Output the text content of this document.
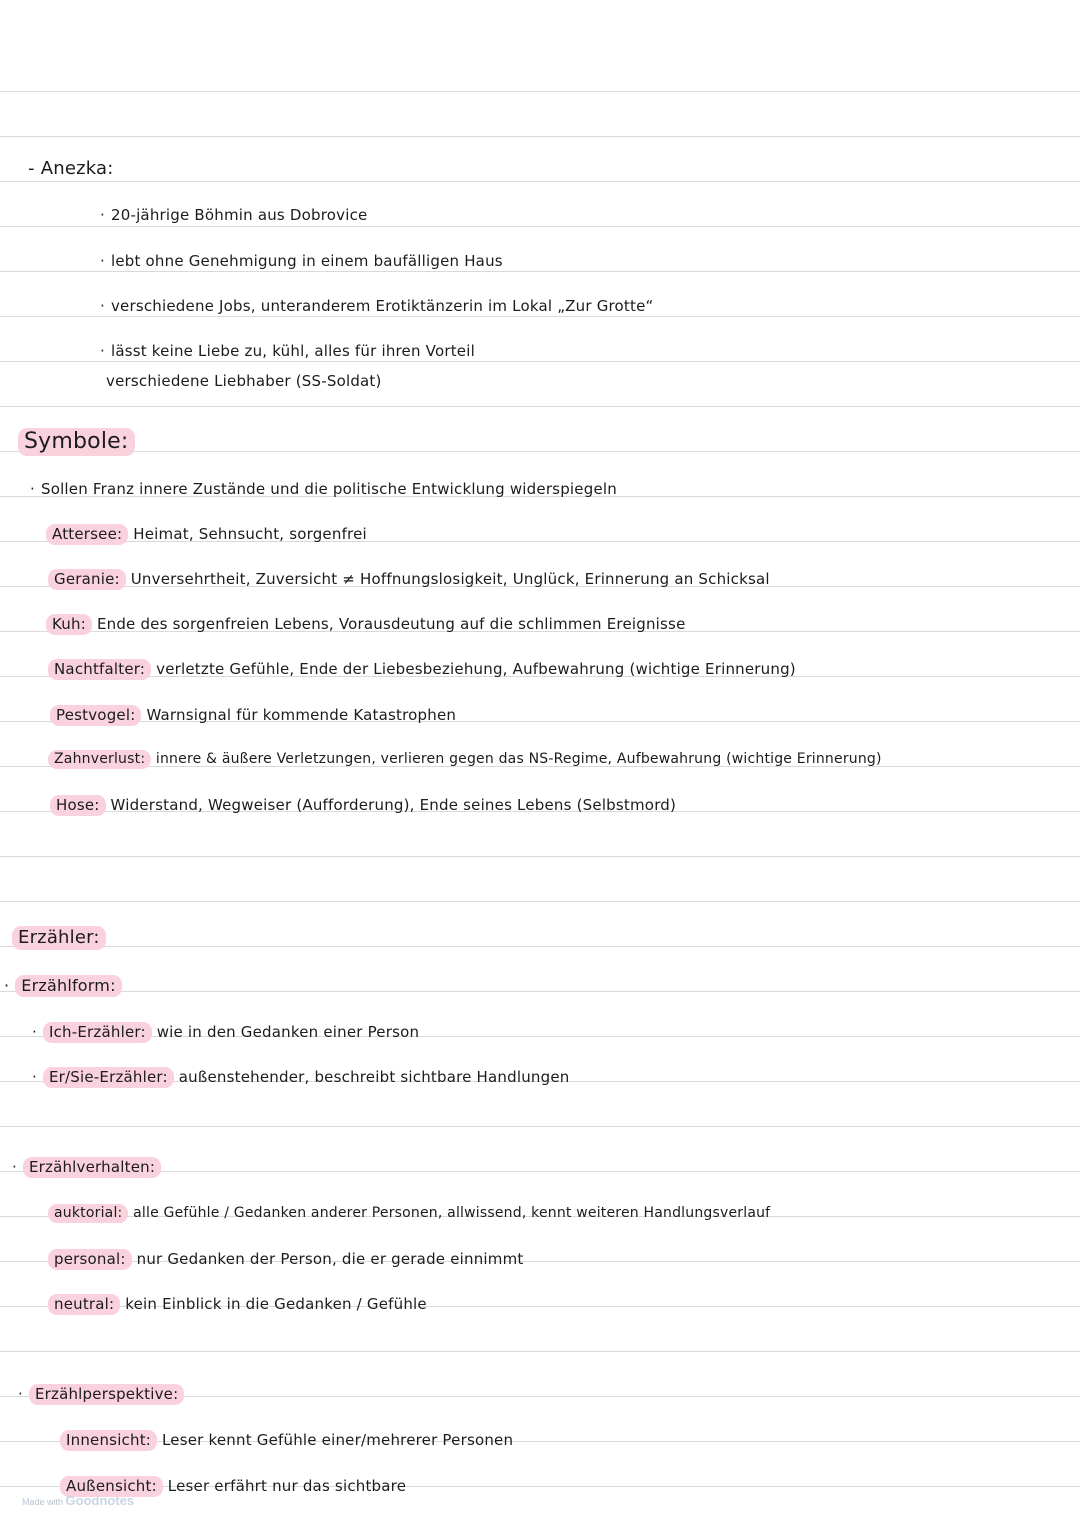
- Anezka:
· 20-jährige Böhmin aus Dobrovice
· lebt ohne Genehmigung in einem baufälligen Haus
· verschiedene Jobs, unteranderem Erotiktänzerin im Lokal „Zur Grotte“
· lässt keine Liebe zu, kühl, alles für ihren Vorteil
verschiedene Liebhaber (SS-Soldat)
Symbole:
· Sollen Franz innere Zustände und die politische Entwicklung widerspiegeln
Attersee: Heimat, Sehnsucht, sorgenfrei
Geranie: Unversehrtheit, Zuversicht ≠ Hoffnungslosigkeit, Unglück, Erinnerung an Schicksal
Kuh: Ende des sorgenfreien Lebens, Vorausdeutung auf die schlimmen Ereignisse
Nachtfalter: verletzte Gefühle, Ende der Liebesbeziehung, Aufbewahrung (wichtige Erinnerung)
Pestvogel: Warnsignal für kommende Katastrophen
Zahnverlust: innere & äußere Verletzungen, verlieren gegen das NS-Regime, Aufbewahrung (wichtige Erinnerung)
Hose: Widerstand, Wegweiser (Aufforderung), Ende seines Lebens (Selbstmord)
Erzähler:
· Erzählform:
· Ich-Erzähler: wie in den Gedanken einer Person
· Er/Sie-Erzähler: außenstehender, beschreibt sichtbare Handlungen
· Erzählverhalten:
auktorial: alle Gefühle / Gedanken anderer Personen, allwissend, kennt weiteren Handlungsverlauf
personal: nur Gedanken der Person, die er gerade einnimmt
neutral: kein Einblick in die Gedanken / Gefühle
· Erzählperspektive:
Innensicht: Leser kennt Gefühle einer/mehrerer Personen
Außensicht: Leser erfährt nur das sichtbare
Made with Goodnotes
